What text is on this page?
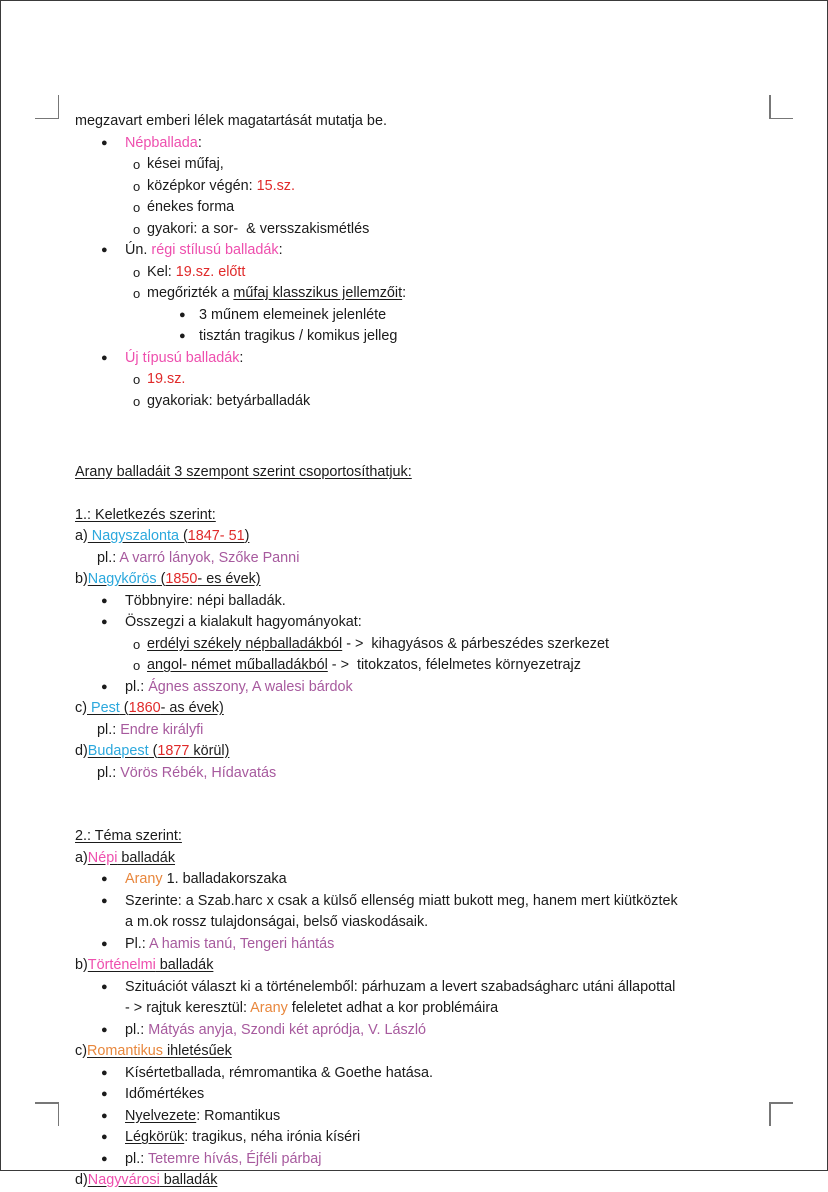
megzavart emberi lélek magatartását mutatja be.
● Népballada:
o kései műfaj,
o középkor végén: 15.sz.
o énekes forma
o gyakori: a sor-  & versszakismétlés
● Ún. régi stílusú balladák:
o Kel: 19.sz. előtt
o megőrizték a műfaj klasszikus jellemzőit:
● 3 műnem elemeinek jelenléte
● tisztán tragikus / komikus jelleg
● Új típusú balladák:
o 19.sz.
o gyakoriak: betyárballadák
Arany balladáit 3 szempont szerint csoportosíthatjuk:
1.: Keletkezés szerint:
a) Nagyszalonta (1847- 51)
pl.: A varró lányok, Szőke Panni
b)Nagykőrös (1850- es évek)
● Többnyire: népi balladák.
● Összegzi a kialakult hagyományokat:
o erdélyi székely népballadákból - >  kihagyásos & párbeszédes szerkezet
o angol- német műballadákból - >  titokzatos, félelmetes környezetrajz
● pl.: Ágnes asszony, A walesi bárdok
c) Pest (1860- as évek)
pl.: Endre királyfi
d)Budapest (1877 körül)
pl.: Vörös Rébék, Hídavatás
2.: Téma szerint:
a)Népi balladák
● Arany 1. balladakorszaka
● Szerinte: a Szab.harc x csak a külső ellenség miatt bukott meg, hanem mert kiütköztek
a m.ok rossz tulajdonságai, belső viaskodásaik.
● Pl.: A hamis tanú, Tengeri hántás
b)Történelmi balladák
● Szituációt választ ki a történelemből: párhuzam a levert szabadságharc utáni állapottal
- > rajtuk keresztül: Arany feleletet adhat a kor problémáira
● pl.: Mátyás anyja, Szondi két apródja, V. László
c)Romantikus ihletésűek
● Kísértetballada, rémromantika & Goethe hatása.
● Időmértékes
● Nyelvezete: Romantikus
● Légkörük: tragikus, néha irónia kíséri
● pl.: Tetemre hívás, Éjféli párbaj
d)Nagyvárosi balladák
